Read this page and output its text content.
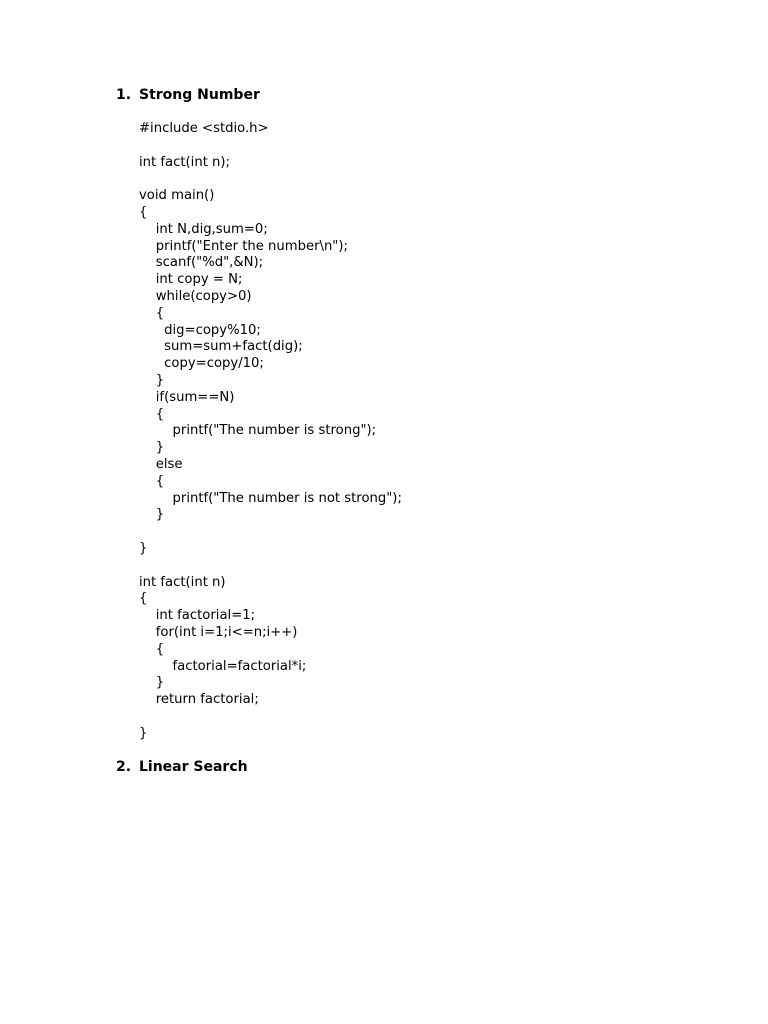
1. Strong Number
#include <stdio.h>
int fact(int n);
void main()
{
int N,dig,sum=0;
printf("Enter the number\n");
scanf("%d",&N);
int copy = N;
while(copy>0)
{
dig=copy%10;
sum=sum+fact(dig);
copy=copy/10;
}
if(sum==N)
{
printf("The number is strong");
}
else
{
printf("The number is not strong");
}
}
int fact(int n)
{
int factorial=1;
for(int i=1;i<=n;i++)
{
factorial=factorial*i;
}
return factorial;
}
2. Linear Search
